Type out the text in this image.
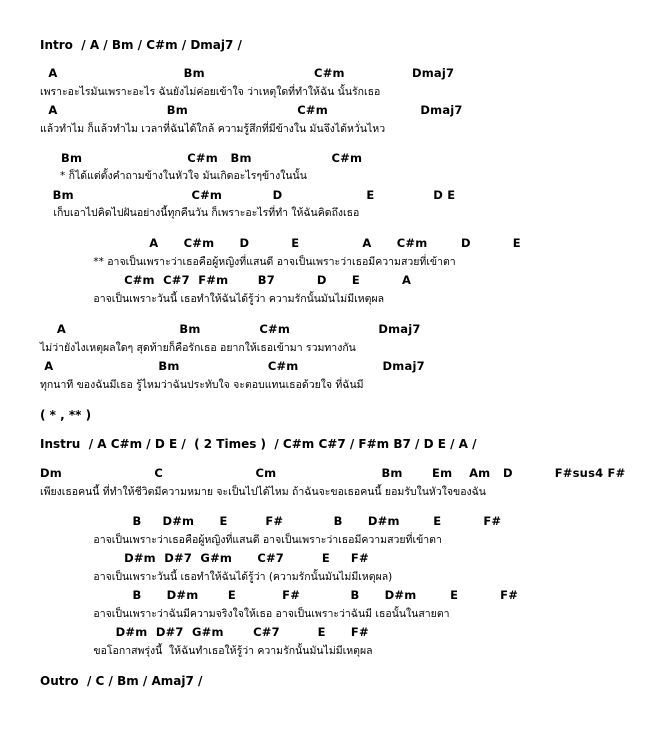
Intro  / A / Bm / C#m / Dmaj7 /
A                              Bm                          C#m                Dmaj7
เพราะอะไรมันเพราะอะไร ฉันยังไม่ค่อยเข้าใจ ว่าเหตุใดที่ทำให้ฉัน นั้นรักเธอ
A                          Bm                          C#m                      Dmaj7
แล้วทำไม ก็แล้วทำไม เวลาที่ฉันได้ใกล้ ความรู้สึกที่มีข้างใน มันจึงได้หวั่นไหว
Bm                         C#m   Bm                   C#m
* ก็ได้แต่ตั้งคำถามข้างในหัวใจ มันเกิดอะไรๆข้างในนั้น
Bm                            C#m            D                    E              D E
เก็บเอาไปคิดไปฝันอย่างนี้ทุกคืนวัน ก็เพราะอะไรที่ทำ ให้ฉันคิดถึงเธอ
A      C#m      D          E               A      C#m        D          E
** อาจเป็นเพราะว่าเธอคือผู้หญิงที่แสนดี อาจเป็นเพราะว่าเธอมีความสวยที่เข้าตา
C#m  C#7  F#m       B7          D      E          A
อาจเป็นเพราะวันนี้ เธอทำให้ฉันได้รู้ว่า ความรักนั้นมันไม่มีเหตุผล
A                           Bm              C#m                     Dmaj7
ไม่ว่ายังไงเหตุผลใดๆ สุดท้ายก็คือรักเธอ อยากให้เธอเข้ามา รวมทางกัน
A                         Bm                     C#m                    Dmaj7
ทุกนาที ของฉันมีเธอ รู้ไหมว่าฉันประทับใจ จะตอบแทนเธอด้วยใจ ที่ฉันมี
( * , ** )
Instru  / A C#m / D E /  ( 2 Times )  / C#m C#7 / F#m B7 / D E / A /
Dm                      C                      Cm                         Bm       Em    Am   D          F#sus4 F#
เพียงเธอคนนี้ ที่ทำให้ชีวิตมีความหมาย จะเป็นไปได้ไหม ถ้าฉันจะขอเธอคนนี้ ยอมรับในหัวใจของฉัน
B     D#m      E         F#            B      D#m        E          F#
อาจเป็นเพราะว่าเธอคือผู้หญิงที่แสนดี อาจเป็นเพราะว่าเธอมีความสวยที่เข้าตา
D#m  D#7  G#m      C#7         E     F#
อาจเป็นเพราะวันนี้ เธอทำให้ฉันได้รู้ว่า (ความรักนั้นมันไม่มีเหตุผล)
B      D#m       E           F#            B      D#m        E          F#
อาจเป็นเพราะว่าฉันมีความจริงใจให้เธอ อาจเป็นเพราะว่าฉันมี เธอนั้นในสายตา
D#m  D#7  G#m       C#7         E      F#
ขอโอกาสพรุ่งนี้  ให้ฉันทำเธอให้รู้ว่า ความรักนั้นมันไม่มีเหตุผล
Outro  / C / Bm / Amaj7 /
